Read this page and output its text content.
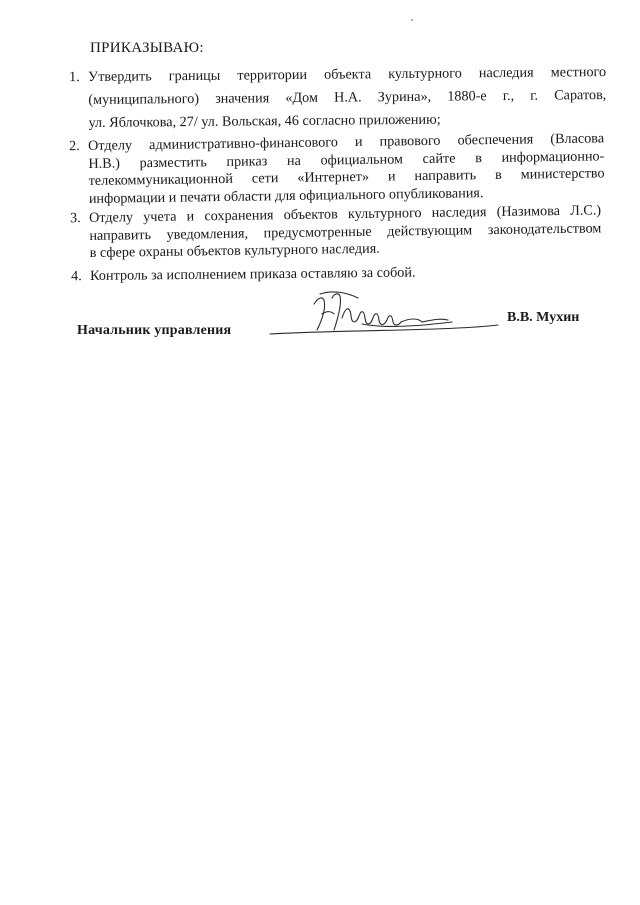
ПРИКАЗЫВАЮ:
1. Утвердить границы территории объекта культурного наследия местного
(муниципального) значения «Дом Н.А. Зурина», 1880-е г., г. Саратов,
ул. Яблочкова, 27/ ул. Вольская, 46 согласно приложению;
2. Отделу административно-финансового и правового обеспечения (Власова
Н.В.) разместить приказ на официальном сайте в информационно-
телекоммуникационной сети «Интернет» и направить в министерство
информации и печати области для официального опубликования.
3. Отделу учета и сохранения объектов культурного наследия (Назимова Л.С.)
направить уведомления, предусмотренные действующим законодательством
в сфере охраны объектов культурного наследия.
4. Контроль за исполнением приказа оставляю за собой.
Начальник управления
В.В. Мухин
